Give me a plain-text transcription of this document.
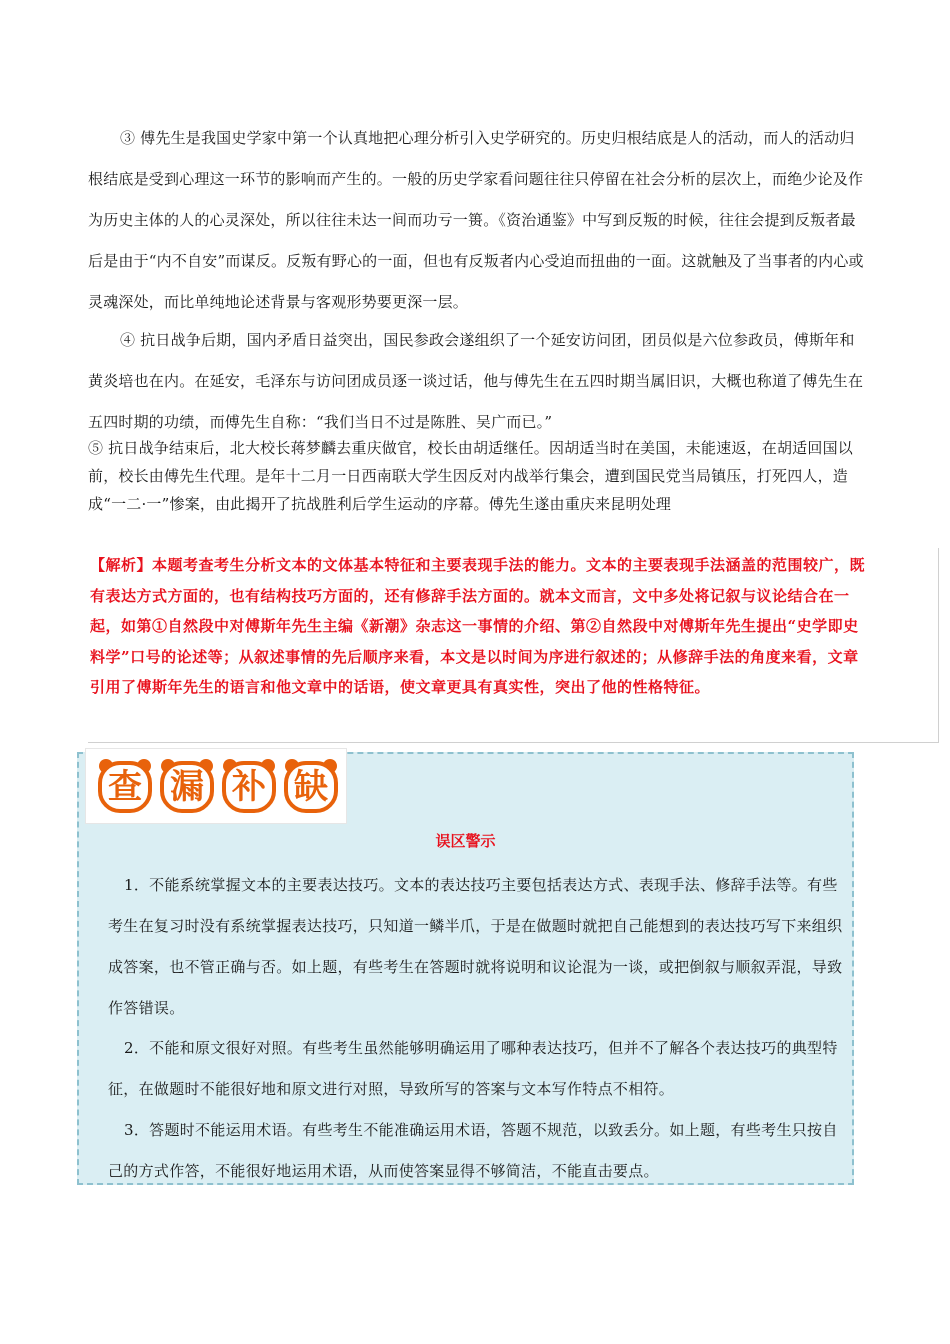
③ 傅先生是我国史学家中第一个认真地把心理分析引入史学研究的。历史归根结底是人的活动，而人的活动归根结底是受到心理这一环节的影响而产生的。一般的历史学家看问题往往只停留在社会分析的层次上，而绝少论及作为历史主体的人的心灵深处，所以往往未达一间而功亏一篑。《资治通鉴》中写到反叛的时候，往往会提到反叛者最后是由于“内不自安”而谋反。反叛有野心的一面，但也有反叛者内心受迫而扭曲的一面。这就触及了当事者的内心或灵魂深处，而比单纯地论述背景与客观形势要更深一层。

④ 抗日战争后期，国内矛盾日益突出，国民参政会遂组织了一个延安访问团，团员似是六位参政员，傅斯年和黄炎培也在内。在延安，毛泽东与访问团成员逐一谈过话，他与傅先生在五四时期当属旧识，大概也称道了傅先生在五四时期的功绩，而傅先生自称：“我们当日不过是陈胜、吴广而已。”

⑤ 抗日战争结束后，北大校长蒋梦麟去重庆做官，校长由胡适继任。因胡适当时在美国，未能速返，在胡适回国以前，校长由傅先生代理。是年十二月一日西南联大学生因反对内战举行集会，遭到国民党当局镇压，打死四人，造成“一二·一”惨案，由此揭开了抗战胜利后学生运动的序幕。傅先生遂由重庆来昆明处理

【解析】本题考查考生分析文本的文体基本特征和主要表现手法的能力。文本的主要表现手法涵盖的范围较广，既有表达方式方面的，也有结构技巧方面的，还有修辞手法方面的。就本文而言，文中多处将记叙与议论结合在一起，如第①自然段中对傅斯年先生主编《新潮》杂志这一事情的介绍、第②自然段中对傅斯年先生提出“史学即史料学”口号的论述等；从叙述事情的先后顺序来看，本文是以时间为序进行叙述的；从修辞手法的角度来看，文章引用了傅斯年先生的语言和他文章中的话语，使文章更具有真实性，突出了他的性格特征。

查 漏 补 缺
误区警示

1．不能系统掌握文本的主要表达技巧。文本的表达技巧主要包括表达方式、表现手法、修辞手法等。有些考生在复习时没有系统掌握表达技巧，只知道一鳞半爪，于是在做题时就把自己能想到的表达技巧写下来组织成答案，也不管正确与否。如上题，有些考生在答题时就将说明和议论混为一谈，或把倒叙与顺叙弄混，导致作答错误。

2．不能和原文很好对照。有些考生虽然能够明确运用了哪种表达技巧，但并不了解各个表达技巧的典型特征，在做题时不能很好地和原文进行对照，导致所写的答案与文本写作特点不相符。

3．答题时不能运用术语。有些考生不能准确运用术语，答题不规范，以致丢分。如上题，有些考生只按自己的方式作答，不能很好地运用术语，从而使答案显得不够简洁，不能直击要点。
